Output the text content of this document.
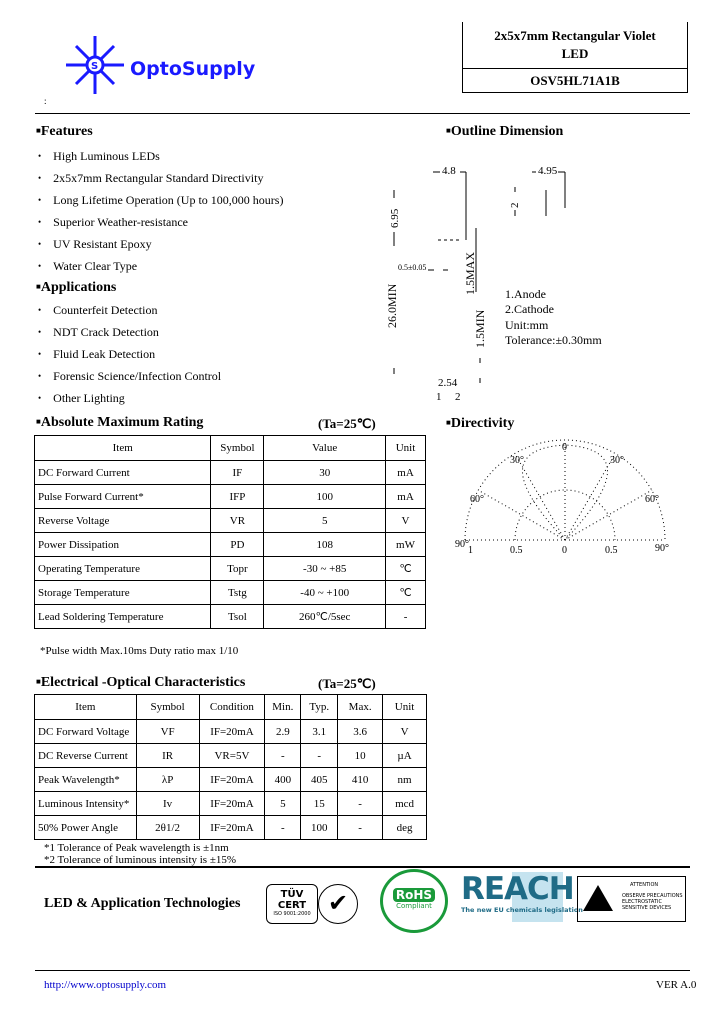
S OptoSupply
2x5x7mm Rectangular Violet
LED
OSV5HL71A1B
:
■ Features
• High Luminous LEDs
• 2x5x7mm Rectangular Standard Directivity
• Long Lifetime Operation (Up to 100,000 hours)
• Superior Weather-resistance
• UV Resistant Epoxy
• Water Clear Type
■ Applications
• Counterfeit Detection
• NDT Crack Detection
• Fluid Leak Detection
• Forensic Science/Infection Control
• Other Lighting
■ Outline Dimension
4.8	4.95
6.95
2
0.5±0.05	1.5MAX
26.0MIN
1.5MIN
2.54
1 2
1.Anode
2.Cathode
Unit:mm
Tolerance:±0.30mm
■ Directivity
0
30°	30°
60°	60°
90°	90°
1	0.5	0	0.5
■ Absolute Maximum Rating	(Ta=25℃)
Item	Symbol	Value	Unit
DC Forward Current	IF	30	mA
Pulse Forward Current*	IFP	100	mA
Reverse Voltage	VR	5	V
Power Dissipation	PD	108	mW
Operating Temperature	Topr	-30 ~ +85	℃
Storage Temperature	Tstg	-40 ~ +100	℃
Lead Soldering Temperature	Tsol	260℃/5sec	-
*Pulse width Max.10ms Duty ratio max 1/10
■ Electrical -Optical Characteristics	(Ta=25℃)
Item	Symbol	Condition	Min.	Typ.	Max.	Unit
DC Forward Voltage	VF	IF=20mA	2.9	3.1	3.6	V
DC Reverse Current	IR	VR=5V	-	-	10	µA
Peak Wavelength*	λP	IF=20mA	400	405	410	nm
Luminous Intensity*	Iv	IF=20mA	5	15	-	mcd
50% Power Angle	2θ1/2	IF=20mA	-	100	-	deg
*1 Tolerance of Peak wavelength is ±1nm
*2 Tolerance of luminous intensity is ±15%
LED & Application Technologies
TÜV CERT
ISO 9001:2000 ✔	RoHS
Compliant REACH
The new EU chemicals legislation
ATTENTION
OBSERVE PRECAUTIONS
ELECTROSTATIC
SENSITIVE DEVICES
http://www.optosupply.com	VER A.0
